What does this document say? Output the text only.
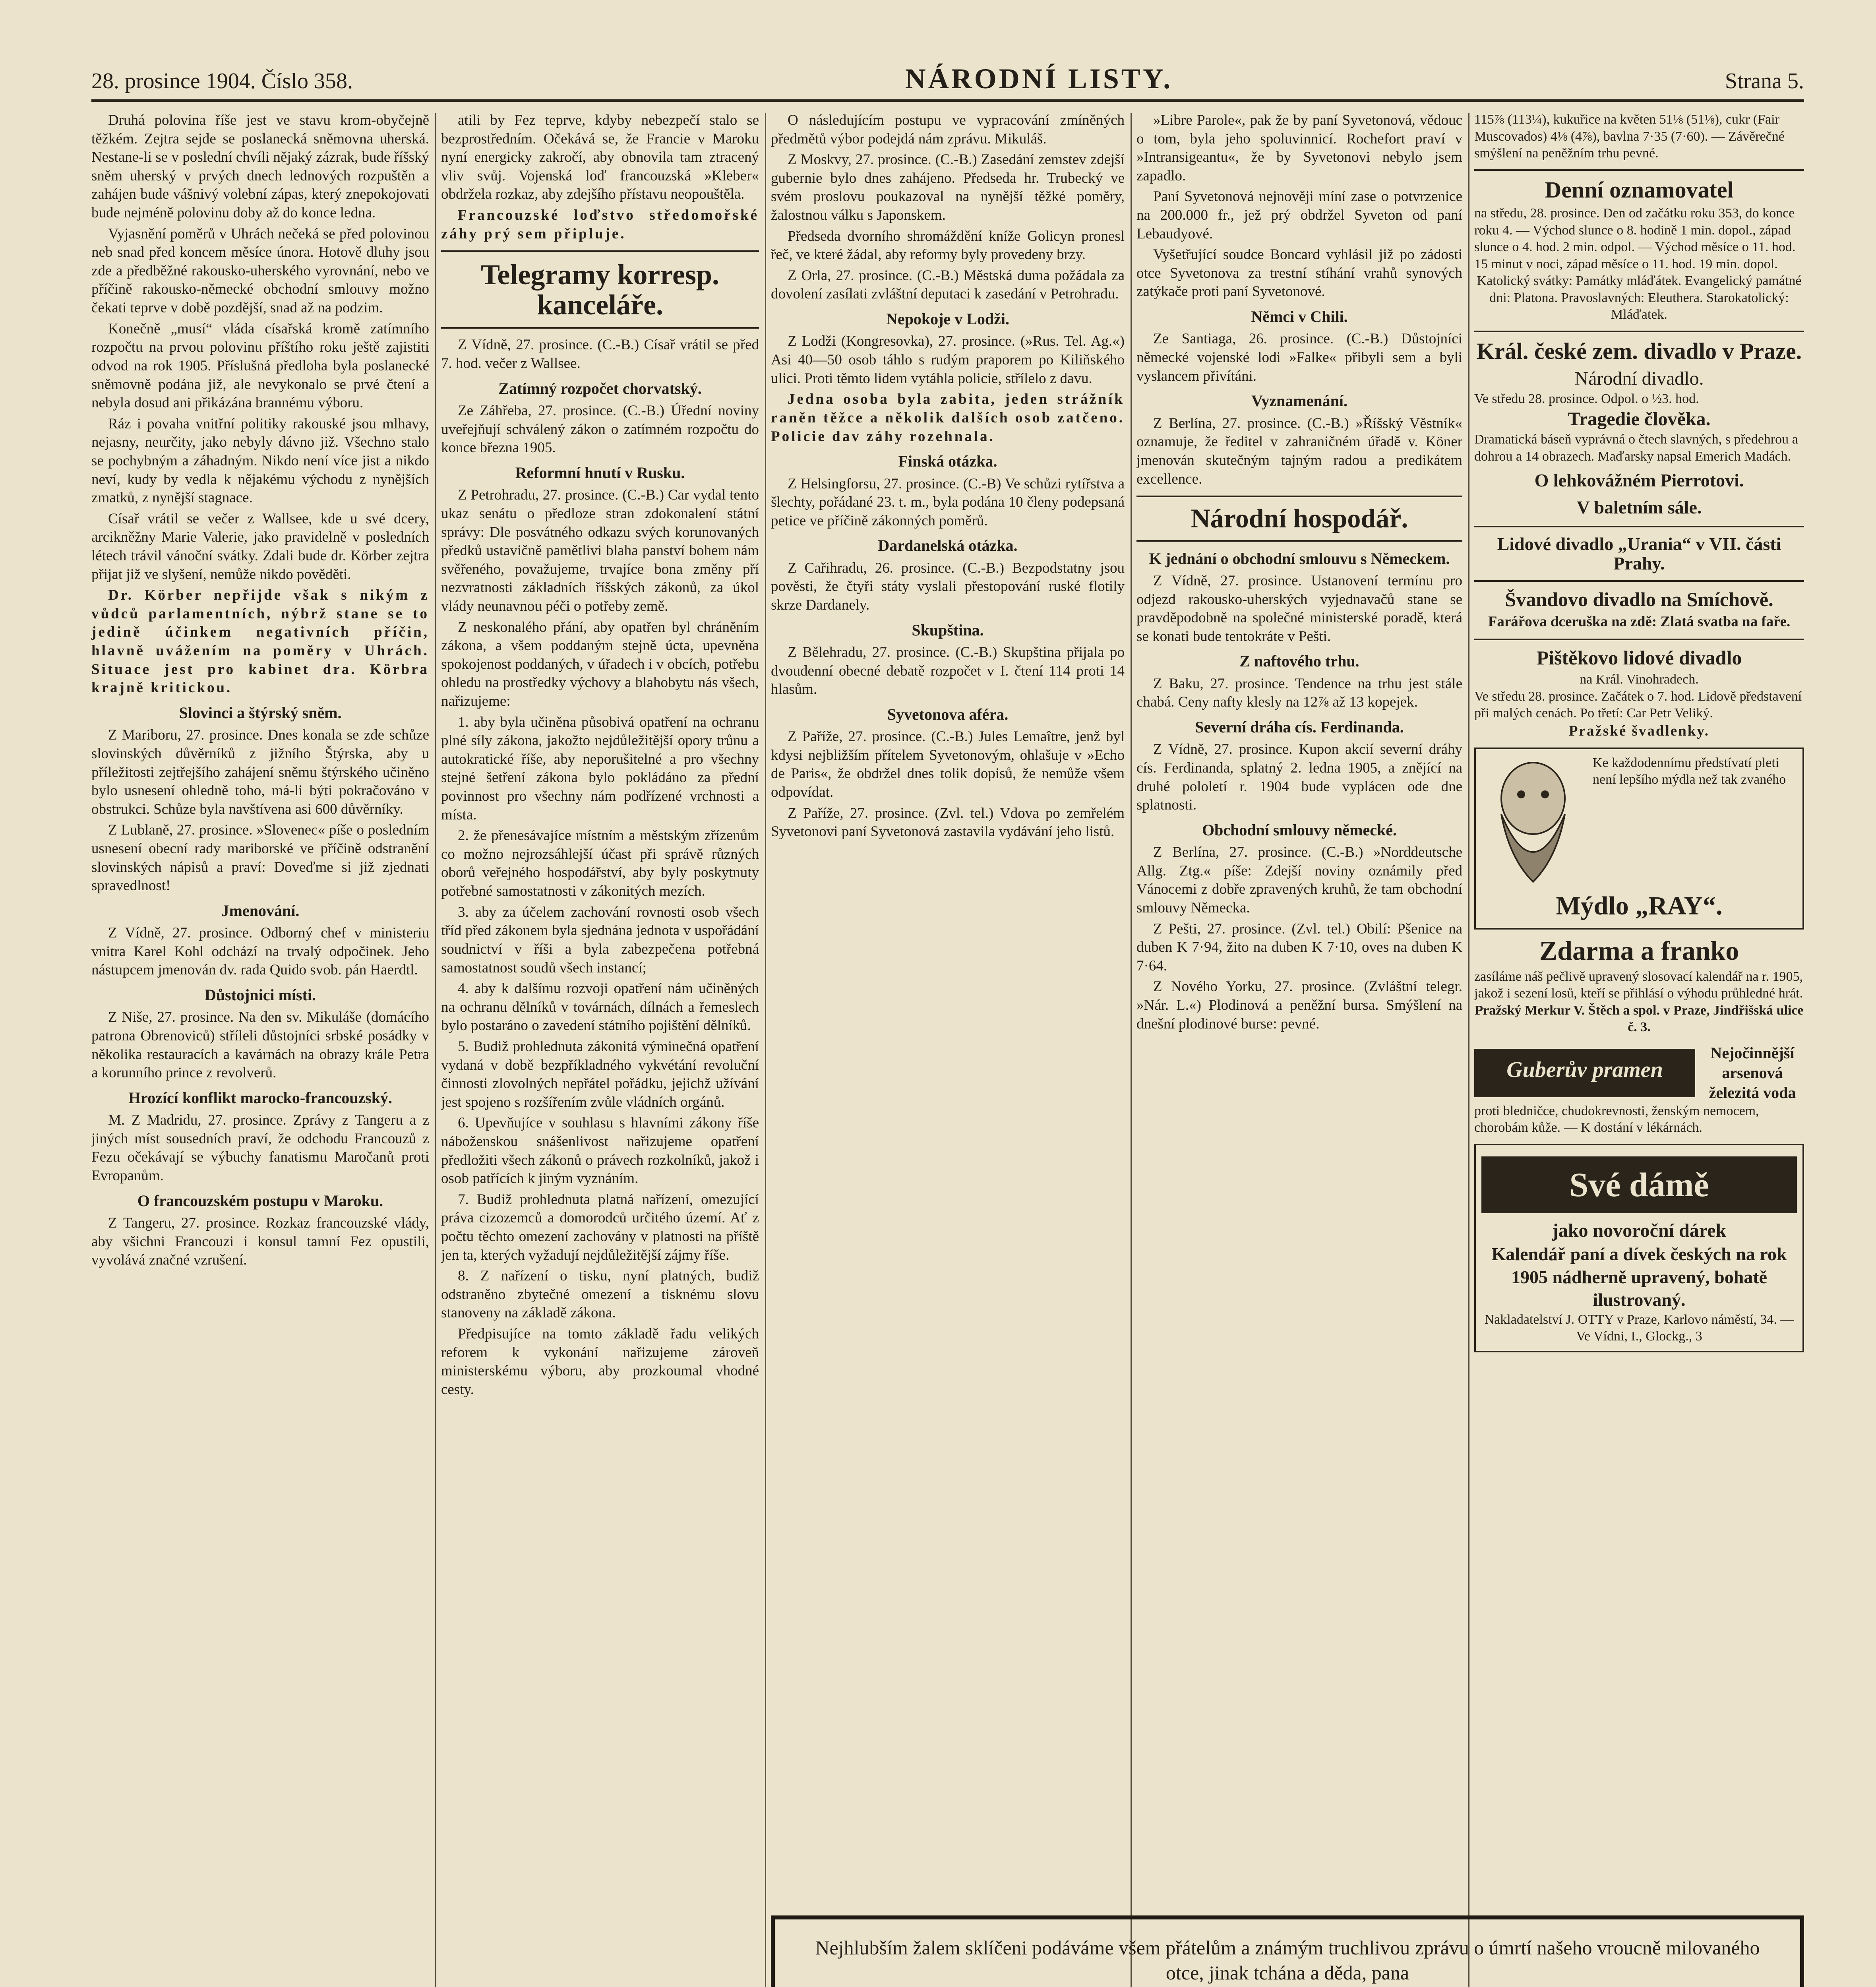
28. prosince 1904. Číslo 358.	NÁRODNÍ LISTY.	Strana 5.

Druhá polovina říše jest ve stavu krom-obyčejně těžkém. Zejtra sejde se poslanecká sněmovna uherská. Nestane-li se v poslední chvíli nějaký zázrak, bude říšský sněm uherský v prvých dnech lednových rozpuštěn a zahájen bude vášnivý volební zápas, který znepokojovati bude nejméně polovinu doby až do konce ledna.

Vyjasnění poměrů v Uhrách nečeká se před polovinou neb snad před koncem měsíce února. Hotově dluhy jsou zde a předběžné rakousko-uherského vyrovnání, nebo ve příčině rakousko-německé obchodní smlouvy možno čekati teprve v době pozdější, snad až na podzim.

Konečně „musí“ vláda císařská kromě zatímního rozpočtu na prvou polovinu příštího roku ještě zajistiti odvod na rok 1905. Příslušná předloha byla poslanecké sněmovně podána již, ale nevykonalo se prvé čtení a nebyla dosud ani přikázána brannému výboru.

Ráz i povaha vnitřní politiky rakouské jsou mlhavy, nejasny, neurčity, jako nebyly dávno již. Všechno stalo se pochybným a záhadným. Nikdo není více jist a nikdo neví, kudy by vedla k nějakému východu z nynějších zmatků, z nynější stagnace.

Císař vrátil se večer z Wallsee, kde u své dcery, arcikněžny Marie Valerie, jako pravidelně v posledních létech trávil vánoční svátky. Zdali bude dr. Körber zejtra přijat již ve slyšení, nemůže nikdo pověděti.

Dr. Körber nepřijde však s nikým z vůdců parlamentních, nýbrž stane se to jedině účinkem negativních příčin, hlavně uvážením na poměry v Uhrách. Situace jest pro kabinet dra. Körbra krajně kritickou.

Slovinci a štýrský sněm.

Z Mariboru, 27. prosince. Dnes konala se zde schůze slovinských důvěrníků z jižního Štýrska, aby u příležitosti zejtřejšího zahájení sněmu štýrského učiněno bylo usnesení ohledně toho, má-li býti pokračováno v obstrukci. Schůze byla navštívena asi 600 důvěrníky.

Z Lublaně, 27. prosince. »Slovenec« píše o posledním usnesení obecní rady mariborské ve příčině odstranění slovinských nápisů a praví: Doveďme si již zjednati spravedlnost!

Jmenování.

Z Vídně, 27. prosince. Odborný chef v ministeriu vnitra Karel Kohl odchází na trvalý odpočinek. Jeho nástupcem jmenován dv. rada Quido svob. pán Haerdtl.

Důstojnici místi.

Z Niše, 27. prosince. Na den sv. Mikuláše (domácího patrona Obrenoviců) stříleli důstojníci srbské posádky v několika restauracích a kavárnách na obrazy krále Petra a korunního prince z revolverů.

Hrozící konflikt marocko-francouzský.

M. Z Madridu, 27. prosince. Zprávy z Tangeru a z jiných míst sousedních praví, že odchodu Francouzů z Fezu očekávají se výbuchy fanatismu Maročanů proti Evropanům.

O francouzském postupu v Maroku.

Z Tangeru, 27. prosince. Rozkaz francouzské vlády, aby všichni Francouzi i konsul tamní Fez opustili, vyvolává značné vzrušení.

atili by Fez teprve, kdyby nebezpečí stalo se bezprostředním. Očekává se, že Francie v Maroku nyní energicky zakročí, aby obnovila tam ztracený vliv svůj. Vojenská loď francouzská »Kleber« obdržela rozkaz, aby zdejšího přístavu neopouštěla.

Francouzské loďstvo středomořské záhy prý sem připluje.

Telegramy korresp. kanceláře.

Z Vídně, 27. prosince. (C.-B.) Císař vrátil se před 7. hod. večer z Wallsee.

Zatímný rozpočet chorvatský.

Ze Záhřeba, 27. prosince. (C.-B.) Úřední noviny uveřejňují schválený zákon o zatímném rozpočtu do konce března 1905.

Reformní hnutí v Rusku.

Z Petrohradu, 27. prosince. (C.-B.) Car vydal tento ukaz senátu o předloze stran zdokonalení státní správy: Dle posvátného odkazu svých korunovaných předků ustavičně pamětlivi blaha panství bohem nám svěřeného, považujeme, trvajíce bona změny pří nezvratnosti základních říšských zákonů, za úkol vlády neunavnou péči o potřeby země.

Z neskonalého přání, aby opatřen byl chráněním zákona, a všem poddaným stejně úcta, upevněna spokojenost poddaných, v úřadech i v obcích, potřebu ohledu na prostředky výchovy a blahobytu nás všech, nařizujeme:

1. aby byla učiněna působivá opatření na ochranu plné síly zákona, jakožto nejdůležitější opory trůnu a autokratické říše, aby neporušitelné a pro všechny stejné šetření zákona bylo pokládáno za přední povinnost pro všechny nám podřízené vrchnosti a místa.

2. že přenesávajíce místním a městským zřízenům co možno nejrozsáhlejší účast při správě různých oborů veřejného hospodářství, aby byly poskytnuty potřebné samostatnosti v zákonitých mezích.

3. aby za účelem zachování rovnosti osob všech tříd před zákonem byla sjednána jednota v uspořádání soudnictví v říši a byla zabezpečena potřebná samostatnost soudů všech instancí;

4. aby k dalšímu rozvoji opatření nám učiněných na ochranu dělníků v továrnách, dílnách a řemeslech bylo postaráno o zavedení státního pojištění dělníků.

5. Budiž prohlednuta zákonitá výminečná opatření vydaná v době bezpříkladného vykvétání revoluční činnosti zlovolných nepřátel pořádku, jejichž užívání jest spojeno s rozšířením zvůle vládních orgánů.

6. Upevňujíce v souhlasu s hlavními zákony říše náboženskou snášenlivost nařizujeme opatření předložiti všech zákonů o právech rozkolníků, jakož i osob patřících k jiným vyznáním.

7. Budiž prohlednuta platná nařízení, omezující práva cizozemců a domorodců určitého území. Ať z počtu těchto omezení zachovány v platnosti na příště jen ta, kterých vyžadují nejdůležitější zájmy říše.

8. Z nařízení o tisku, nyní platných, budiž odstraněno zbytečné omezení a tisknému slovu stanoveny na základě zákona.

Předpisujíce na tomto základě řadu velikých reforem k vykonání nařizujeme zároveň ministerskému výboru, aby prozkoumal vhodné cesty.

O následujícím postupu ve vypracování zmíněných předmětů výbor podejdá nám zprávu. Mikuláš.

Z Moskvy, 27. prosince. (C.-B.) Zasedání zemstev zdejší gubernie bylo dnes zahájeno. Předseda hr. Trubecký ve svém proslovu poukazoval na nynější těžké poměry, žalostnou válku s Japonskem.

Předseda dvorního shromáždění kníže Golicyn pronesl řeč, ve které žádal, aby reformy byly provedeny brzy.

Z Orla, 27. prosince. (C.-B.) Městská duma požádala za dovolení zasílati zvláštní deputaci k zasedání v Petrohradu.

Nepokoje v Lodži.

Z Lodži (Kongresovka), 27. prosince. (»Rus. Tel. Ag.«) Asi 40—50 osob táhlo s rudým praporem po Kiliňského ulici. Proti těmto lidem vytáhla policie, střílelo z davu.

Jedna osoba byla zabita, jeden strážník raněn těžce a několik dalších osob zatčeno. Policie dav záhy rozehnala.

Finská otázka.

Z Helsingforsu, 27. prosince. (C.-B) Ve schůzi rytířstva a šlechty, pořádané 23. t. m., byla podána 10 členy podepsaná petice ve příčině zákonných poměrů.

Dardanelská otázka.

Z Cařihradu, 26. prosince. (C.-B.) Bezpodstatny jsou pověsti, že čtyři státy vyslali přestopování ruské flotily skrze Dardanely.

Skupština.

Z Bělehradu, 27. prosince. (C.-B.) Skupština přijala po dvoudenní obecné debatě rozpočet v I. čtení 114 proti 14 hlasům.

Syvetonova aféra.

Z Paříže, 27. prosince. (C.-B.) Jules Lemaître, jenž byl kdysi nejbližším přítelem Syvetonovým, ohlašuje v »Echo de Paris«, že obdržel dnes tolik dopisů, že nemůže všem odpovídat.

Z Paříže, 27. prosince. (Zvl. tel.) Vdova po zemřelém Syvetonovi paní Syvetonová zastavila vydávání jeho listů.

»Libre Parole«, pak že by paní Syvetonová, vědouc o tom, byla jeho spoluvinnicí. Rochefort praví v »Intransigeantu«, že by Syvetonovi nebylo jsem zapadlo.

Paní Syvetonová nejnověji míní zase o potvrzenice na 200.000 fr., jež prý obdržel Syveton od paní Lebaudyové.

Vyšetřující soudce Boncard vyhlásil již po zádosti otce Syvetonova za trestní stíhání vrahů synových zatýkače proti paní Syvetonové.

Němci v Chili.

Ze Santiaga, 26. prosince. (C.-B.) Důstojníci německé vojenské lodi »Falke« přibyli sem a byli vyslancem přivítáni.

Vyznamenání.

Z Berlína, 27. prosince. (C.-B.) »Říšský Věstník« oznamuje, že ředitel v zahraničném úřadě v. Köner jmenován skutečným tajným radou a predikátem excellence.

Národní hospodář.
K jednání o obchodní smlouvu s Německem.

Z Vídně, 27. prosince. Ustanovení termínu pro odjezd rakousko-uherských vyjednavačů stane se pravděpodobně na společné ministerské poradě, která se konati bude tentokráte v Pešti.

Z naftového trhu.

Z Baku, 27. prosince. Tendence na trhu jest stále chabá. Ceny nafty klesly na 12⅞ až 13 kopejek.

Severní dráha cís. Ferdinanda.

Z Vídně, 27. prosince. Kupon akcií severní dráhy cís. Ferdinanda, splatný 2. ledna 1905, a znějící na druhé pololetí r. 1904 bude vyplácen ode dne splatnosti.

Obchodní smlouvy německé.

Z Berlína, 27. prosince. (C.-B.) »Norddeutsche Allg. Ztg.« píše: Zdejší noviny oznámily před Vánocemi z dobře zpravených kruhů, že tam obchodní smlouvy Německa.

Z Pešti, 27. prosince. (Zvl. tel.) Obilí: Pšenice na duben K 7·94, žito na duben K 7·10, oves na duben K 7·64.

Z Nového Yorku, 27. prosince. (Zvláštní telegr. »Nár. L.«) Plodinová a peněžní bursa. Smýšlení na dnešní plodinové burse: pevné.

115⅞ (113¼), kukuřice na květen 51⅛ (51⅛), cukr (Fair Muscovados) 4⅛ (4⅞), bavlna 7·35 (7·60). — Závěrečné smýšlení na peněžním trhu pevné.
Denní oznamovatel
na středu, 28. prosince. Den od začátku roku 353, do konce roku 4. — Východ slunce o 8. hodině 1 min. dopol., západ slunce o 4. hod. 2 min. odpol. — Východ měsíce o 11. hod. 15 minut v noci, západ měsíce o 11. hod. 19 min. dopol.
Katolický svátky: Památky mláďátek. Evangelický památné dni: Platona. Pravoslavných: Eleuthera. Starokatolický: Mláďatek.
Král. české zem. divadlo v Praze.
Národní divadlo.
Ve středu 28. prosince. Odpol. o ½3. hod.
Tragedie člověka.
Dramatická báseň vyprávná o čtech slavných, s předehrou a dohrou a 14 obrazech. Maďarsky napsal Emerich Madách.
O lehkovážném Pierrotovi.
V baletním sále.
Lidové divadlo „Urania“ v VII. části Prahy.
Švandovo divadlo na Smíchově.
Farářova dceruška na zdě: Zlatá svatba na faře.
Pištěkovo lidové divadlo
na Král. Vinohradech.
Ve středu 28. prosince. Začátek o 7. hod. Lidově představení při malých cenách. Po třetí: Car Petr Veliký.
Pražské švadlenky.
Ke každodennímu předstívatí pleti není lepšího mýdla než tak zvaného
Mýdlo „RAY“.
Zdarma a franko
zasíláme náš pečlivě upravený slosovací kalendář na r. 1905, jakož i sezení losů, kteří se přihlásí o výhodu průhledné hrát.
Pražský Merkur V. Štěch a spol. v Praze, Jindřišská ulice č. 3.
Guberův pramen
Nejočinnější arsenová železitá voda
proti bledničce, chudokrevnosti, ženským nemocem, chorobám kůže. — K dostání v lékárnách.
Své dámě
jako novoroční dárek
Kalendář paní a dívek českých na rok 1905 nádherně upravený, bohatě ilustrovaný.
Nakladatelství J. OTTY v Praze, Karlovo náměstí, 34. — Ve Vídni, I., Glockg., 3
Nejhlubším žalem sklíčeni podáváme všem přátelům a známým truchlivou zprávu o úmrtí našeho vroucně milovaného otce, jinak tchána a děda, pana
